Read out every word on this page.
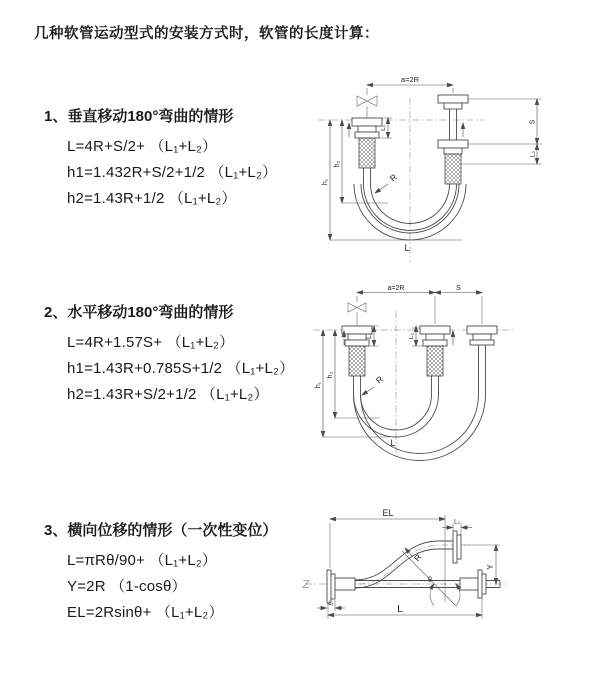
几种软管运动型式的安装方式时，软管的长度计算：
1、垂直移动180°弯曲的情形
L=4R+S/2+ （L₁+L₂）
h1=1.432R+S/2+1/2 （L₁+L₂）
h2=1.43R+1/2 （L₁+L₂）
2、水平移动180°弯曲的情形
L=4R+1.57S+ （L₁+L₂）
h1=1.43R+0.785S+1/2 （L₁+L₂）
h2=1.43R+S/2+1/2 （L₁+L₂）
3、横向位移的情形（一次性变位）
L=πRθ/90+ （L₁+L₂）
Y=2R （1-cosθ）
EL=2Rsinθ+ （L₁+L₂）
a=2R
h₁
h₂
L₁
S
L₂
R
L
a=2R	S
h₁
h₂
L₁	L₂
R
L
EL
L₂
Y
L
L₁
R
θ
